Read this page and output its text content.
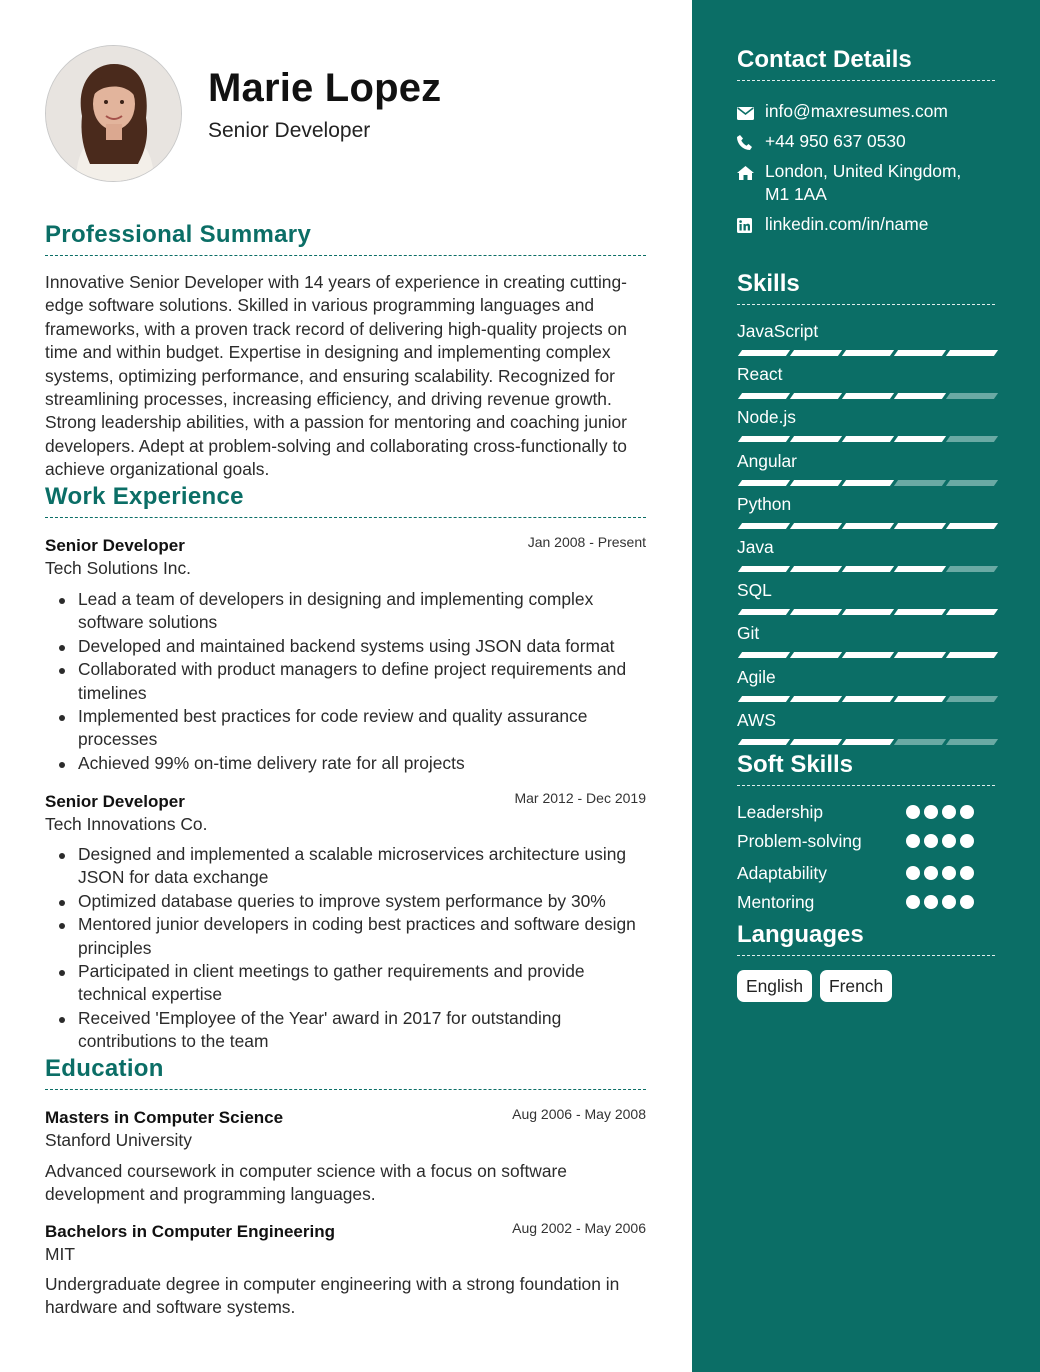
Marie Lopez
Senior Developer
Professional Summary
Innovative Senior Developer with 14 years of experience in creating cutting-edge software solutions. Skilled in various programming languages and frameworks, with a proven track record of delivering high-quality projects on time and within budget. Expertise in designing and implementing complex systems, optimizing performance, and ensuring scalability. Recognized for streamlining processes, increasing efficiency, and driving revenue growth. Strong leadership abilities, with a passion for mentoring and coaching junior developers. Adept at problem-solving and collaborating cross-functionally to achieve organizational goals.
Work Experience
Senior Developer	Jan 2008 - Present
Tech Solutions Inc.
Lead a team of developers in designing and implementing complex software solutions
Developed and maintained backend systems using JSON data format
Collaborated with product managers to define project requirements and timelines
Implemented best practices for code review and quality assurance processes
Achieved 99% on-time delivery rate for all projects
Senior Developer	Mar 2012 - Dec 2019
Tech Innovations Co.
Designed and implemented a scalable microservices architecture using JSON for data exchange
Optimized database queries to improve system performance by 30%
Mentored junior developers in coding best practices and software design principles
Participated in client meetings to gather requirements and provide technical expertise
Received 'Employee of the Year' award in 2017 for outstanding contributions to the team
Education
Masters in Computer Science	Aug 2006 - May 2008
Stanford University
Advanced coursework in computer science with a focus on software development and programming languages.
Bachelors in Computer Engineering	Aug 2002 - May 2006
MIT
Undergraduate degree in computer engineering with a strong foundation in hardware and software systems.
Contact Details
info@maxresumes.com
+44 950 637 0530
London, United Kingdom,
M1 1AA
linkedin.com/in/name
Skills
JavaScript
React
Node.js
Angular
Python
Java
SQL
Git
Agile
AWS
Soft Skills
Leadership
Problem-solving
Adaptability
Mentoring
Languages
English	French
